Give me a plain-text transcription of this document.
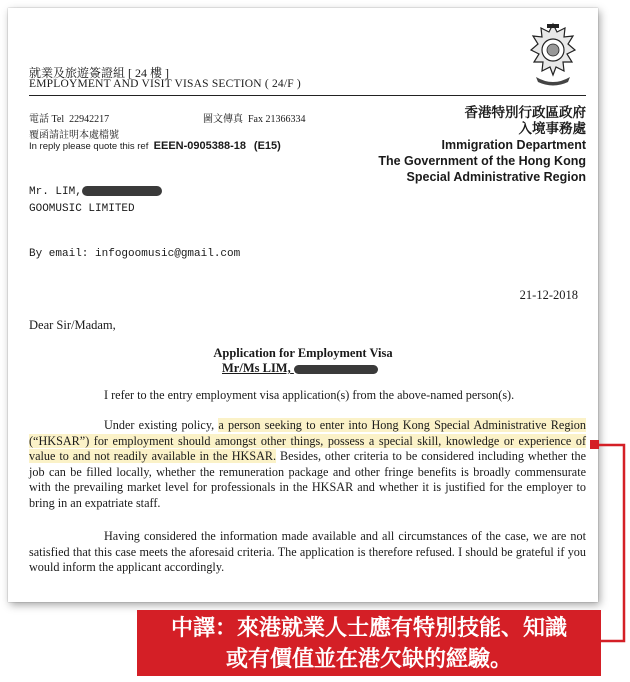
就業及旅遊簽證組 [ 24 樓 ]
EMPLOYMENT AND VISIT VISAS SECTION ( 24/F )
電話 Tel 22942217	圖文傳真 Fax 21366334
覆函請註明本處檔號
In reply please quote this ref EEEN-0905388-18 (E15)
香港特別行政區政府
入境事務處
Immigration Department
The Government of the Hong Kong
Special Administrative Region
Mr. LIM,
GOOMUSIC LIMITED
By email: infogoomusic@gmail.com
21-12-2018
Dear Sir/Madam,
Application for Employment Visa
Mr/Ms LIM,
I refer to the entry employment visa application(s) from the above-named person(s).

Under existing policy, a person seeking to enter into Hong Kong Special Administrative Region (“HKSAR”) for employment should amongst other things, possess a special skill, knowledge or experience of value to and not readily available in the HKSAR. Besides, other criteria to be considered including whether the job can be filled locally, whether the remuneration package and other fringe benefits is broadly commensurate with the prevailing market level for professionals in the HKSAR and whether it is justified for the employer to bring in an expatriate staff.

Having considered the information made available and all circumstances of the case, we are not satisfied that this case meets the aforesaid criteria. The application is therefore refused. I should be grateful if you would inform the applicant accordingly.

中譯：來港就業人士應有特別技能、知識
或有價值並在港欠缺的經驗。
